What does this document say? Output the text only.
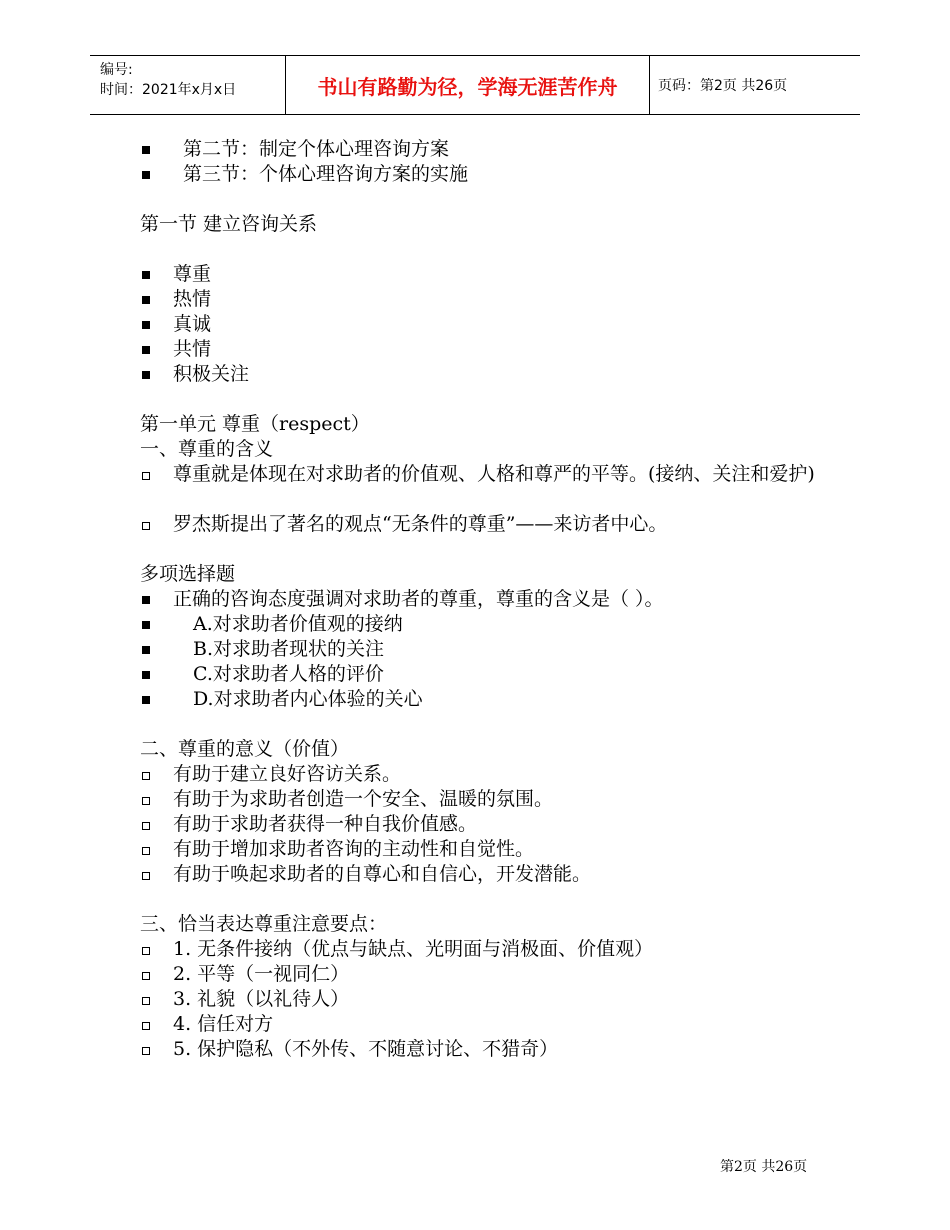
编号:
时间：2021年x月x日	书山有路勤为径，学海无涯苦作舟	页码：第2页 共26页
第二节：制定个体心理咨询方案
第三节：个体心理咨询方案的实施
第一节 建立咨询关系
尊重
热情
真诚
共情
积极关注
第一单元 尊重（respect）
一、尊重的含义
尊重就是体现在对求助者的价值观、人格和尊严的平等。(接纳、关注和爱护)
罗杰斯提出了著名的观点“无条件的尊重”——来访者中心。
多项选择题
正确的咨询态度强调对求助者的尊重，尊重的含义是（ ）。
A.对求助者价值观的接纳
B.对求助者现状的关注
C.对求助者人格的评价
D.对求助者内心体验的关心
二、尊重的意义（价值）
有助于建立良好咨访关系。
有助于为求助者创造一个安全、温暖的氛围。
有助于求助者获得一种自我价值感。
有助于增加求助者咨询的主动性和自觉性。
有助于唤起求助者的自尊心和自信心，开发潜能。
三、恰当表达尊重注意要点：
1. 无条件接纳（优点与缺点、光明面与消极面、价值观）
2. 平等（一视同仁）
3. 礼貌（以礼待人）
4. 信任对方
5. 保护隐私（不外传、不随意讨论、不猎奇）
第2页 共26页
